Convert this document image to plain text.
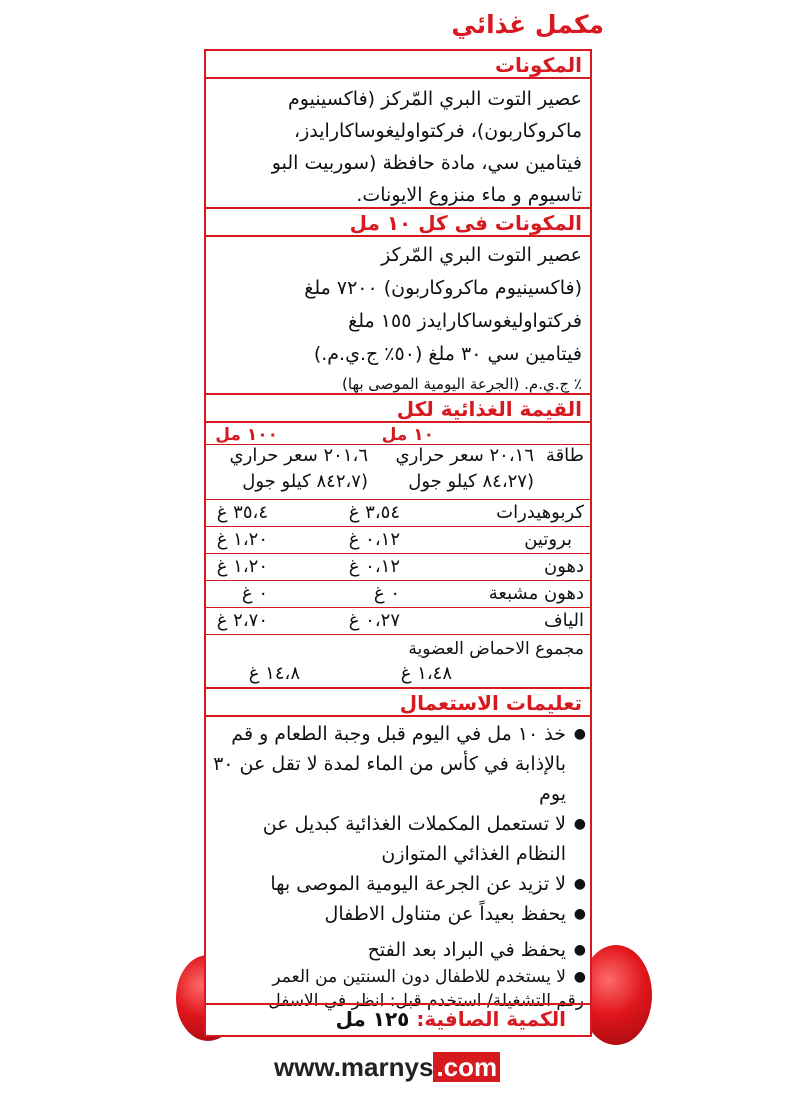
مكمل غذائي
المكونات
عصير التوت البري المّركز (فاكسينيوم
ماكروكاربون)، فركتواوليغوساكارايدز،
فيتامين سي، مادة حافظة (سوربيت البو
تاسيوم و ماء منزوع الايونات.
المكونات فى كل ١٠ مل
عصير التوت البري المّركز
(فاكسينيوم ماكروكاربون) ٧٢٠٠ ملغ
فركتواوليغوساكارايدز ١٥٥ ملغ
فيتامين سي ٣٠ ملغ (٥٠٪ ج.ي.م.)
٪ ج.ي.م. (الجرعة اليومية الموصى بها)
القيمة الغذائية لكل
١٠ مل
١٠٠ مل
طاقة
٢٠،١٦ سعر حراري
(٨٤،٢٧ كيلو جول
٢٠١،٦ سعر حراري
(٨٤٢،٧ كيلو جول
كربوهيدرات
٣،٥٤ غ
٣٥،٤ غ
بروتين
٠،١٢ غ
١،٢٠ غ
دهون
٠،١٢ غ
١،٢٠ غ
دهون مشبعة
٠ غ
٠ غ
الياف
٠،٢٧ غ
٢،٧٠ غ
مجموع الاحماض العضوية
١،٤٨ غ
١٤،٨ غ
تعليمات الاستعمال
● خذ ١٠ مل في اليوم قبل وجبة الطعام و قم بالإذابة في كأس من الماء لمدة لا تقل عن ٣٠ يوم
● لا تستعمل المكملات الغذائية كبديل عن النظام الغذائي المتوازن
● لا تزيد عن الجرعة اليومية الموصى بها
● يحفظ بعيداً عن متناول الاطفال
● يحفظ في البراد بعد الفتح
● لا يستخدم للاطفال دون السنتين من العمر
رقم التشغيلة/ استخدم قبل: انظر في الاسفل
الكمية الصافية: ١٢٥ مل
www.marnys .com
